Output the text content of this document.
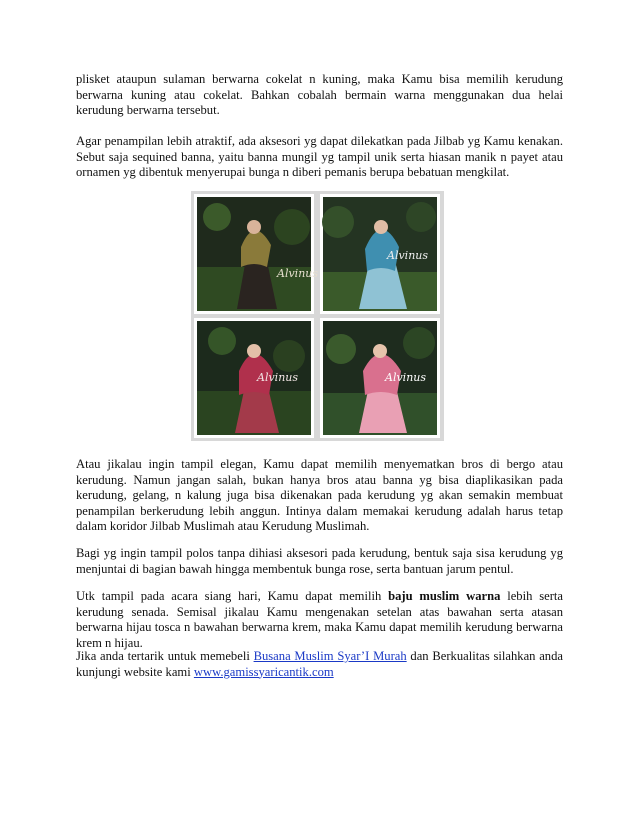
plisket ataupun sulaman berwarna cokelat n kuning, maka Kamu bisa memilih kerudung berwarna kuning atau cokelat. Bahkan cobalah bermain warna menggunakan dua helai kerudung berwarna tersebut.

Agar penampilan lebih atraktif, ada aksesori yg dapat dilekatkan pada Jilbab yg Kamu kenakan. Sebut saja sequined banna, yaitu banna mungil yg tampil unik serta hiasan manik n payet atau ornamen yg dibentuk menyerupai bunga n diberi pemanis berupa bebatuan mengkilat.

Alvinus
Alvinus
Alvinus	Alvinus

Atau jikalau ingin tampil elegan, Kamu dapat memilih menyematkan bros di bergo atau kerudung. Namun jangan salah, bukan hanya bros atau banna yg bisa diaplikasikan pada kerudung, gelang, n kalung juga bisa dikenakan pada kerudung yg akan semakin membuat penampilan berkerudung lebih anggun. Intinya dalam memakai kerudung adalah harus tetap dalam koridor Jilbab Muslimah atau Kerudung Muslimah.

Bagi yg ingin tampil polos tanpa dihiasi aksesori pada kerudung, bentuk saja sisa kerudung yg menjuntai di bagian bawah hingga membentuk bunga rose, serta bantuan jarum pentul.

Utk tampil pada acara siang hari, Kamu dapat memilih baju muslim warna lebih serta kerudung senada. Semisal jikalau Kamu mengenakan setelan atas bawahan serta atasan berwarna hijau tosca n bawahan berwarna krem, maka Kamu dapat memilih kerudung berwarna krem n hijau.

Jika anda tertarik untuk memebeli Busana Muslim Syar’I Murah dan Berkualitas silahkan anda kunjungi website kami www.gamissyaricantik.com
